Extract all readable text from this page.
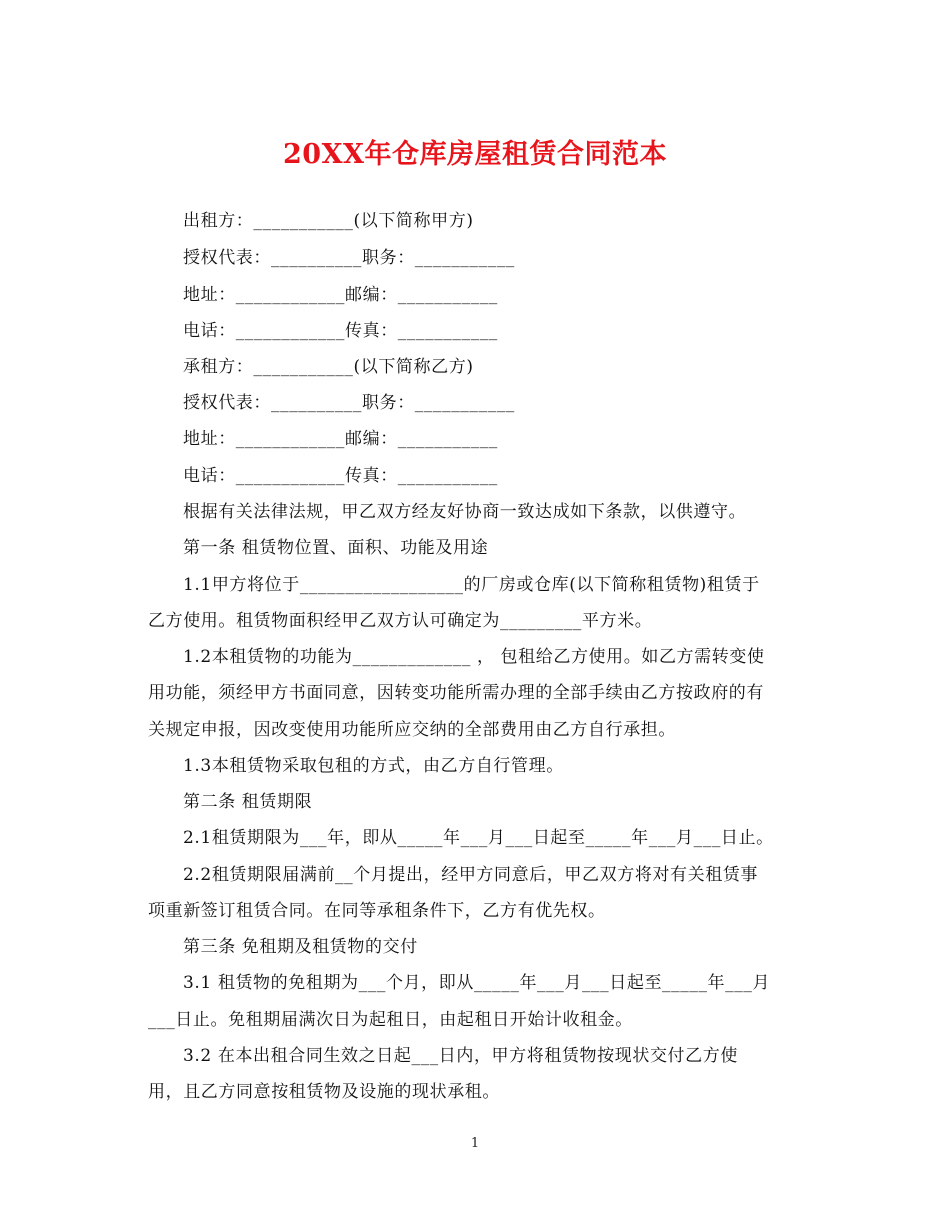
20XX年仓库房屋租赁合同范本
出租方：___________(以下简称甲方)
授权代表：__________职务：___________
地址：____________邮编：___________
电话：____________传真：___________
承租方：___________(以下简称乙方)
授权代表：__________职务：___________
地址：____________邮编：___________
电话：____________传真：___________
根据有关法律法规，甲乙双方经友好协商一致达成如下条款，以供遵守。
第一条 租赁物位置、面积、功能及用途
1.1甲方将位于__________________的厂房或仓库(以下简称租赁物)租赁于
乙方使用。租赁物面积经甲乙双方认可确定为_________平方米。
1.2本租赁物的功能为_____________ ， 包租给乙方使用。如乙方需转变使
用功能，须经甲方书面同意，因转变功能所需办理的全部手续由乙方按政府的有
关规定申报，因改变使用功能所应交纳的全部费用由乙方自行承担。
1.3本租赁物采取包租的方式，由乙方自行管理。
第二条 租赁期限
2.1租赁期限为___年，即从_____年___月___日起至_____年___月___日止。
2.2租赁期限届满前__个月提出，经甲方同意后，甲乙双方将对有关租赁事
项重新签订租赁合同。在同等承租条件下，乙方有优先权。
第三条 免租期及租赁物的交付
3.1 租赁物的免租期为___个月，即从_____年___月___日起至_____年___月
___日止。免租期届满次日为起租日，由起租日开始计收租金。
3.2 在本出租合同生效之日起___日内，甲方将租赁物按现状交付乙方使
用，且乙方同意按租赁物及设施的现状承租。
1
